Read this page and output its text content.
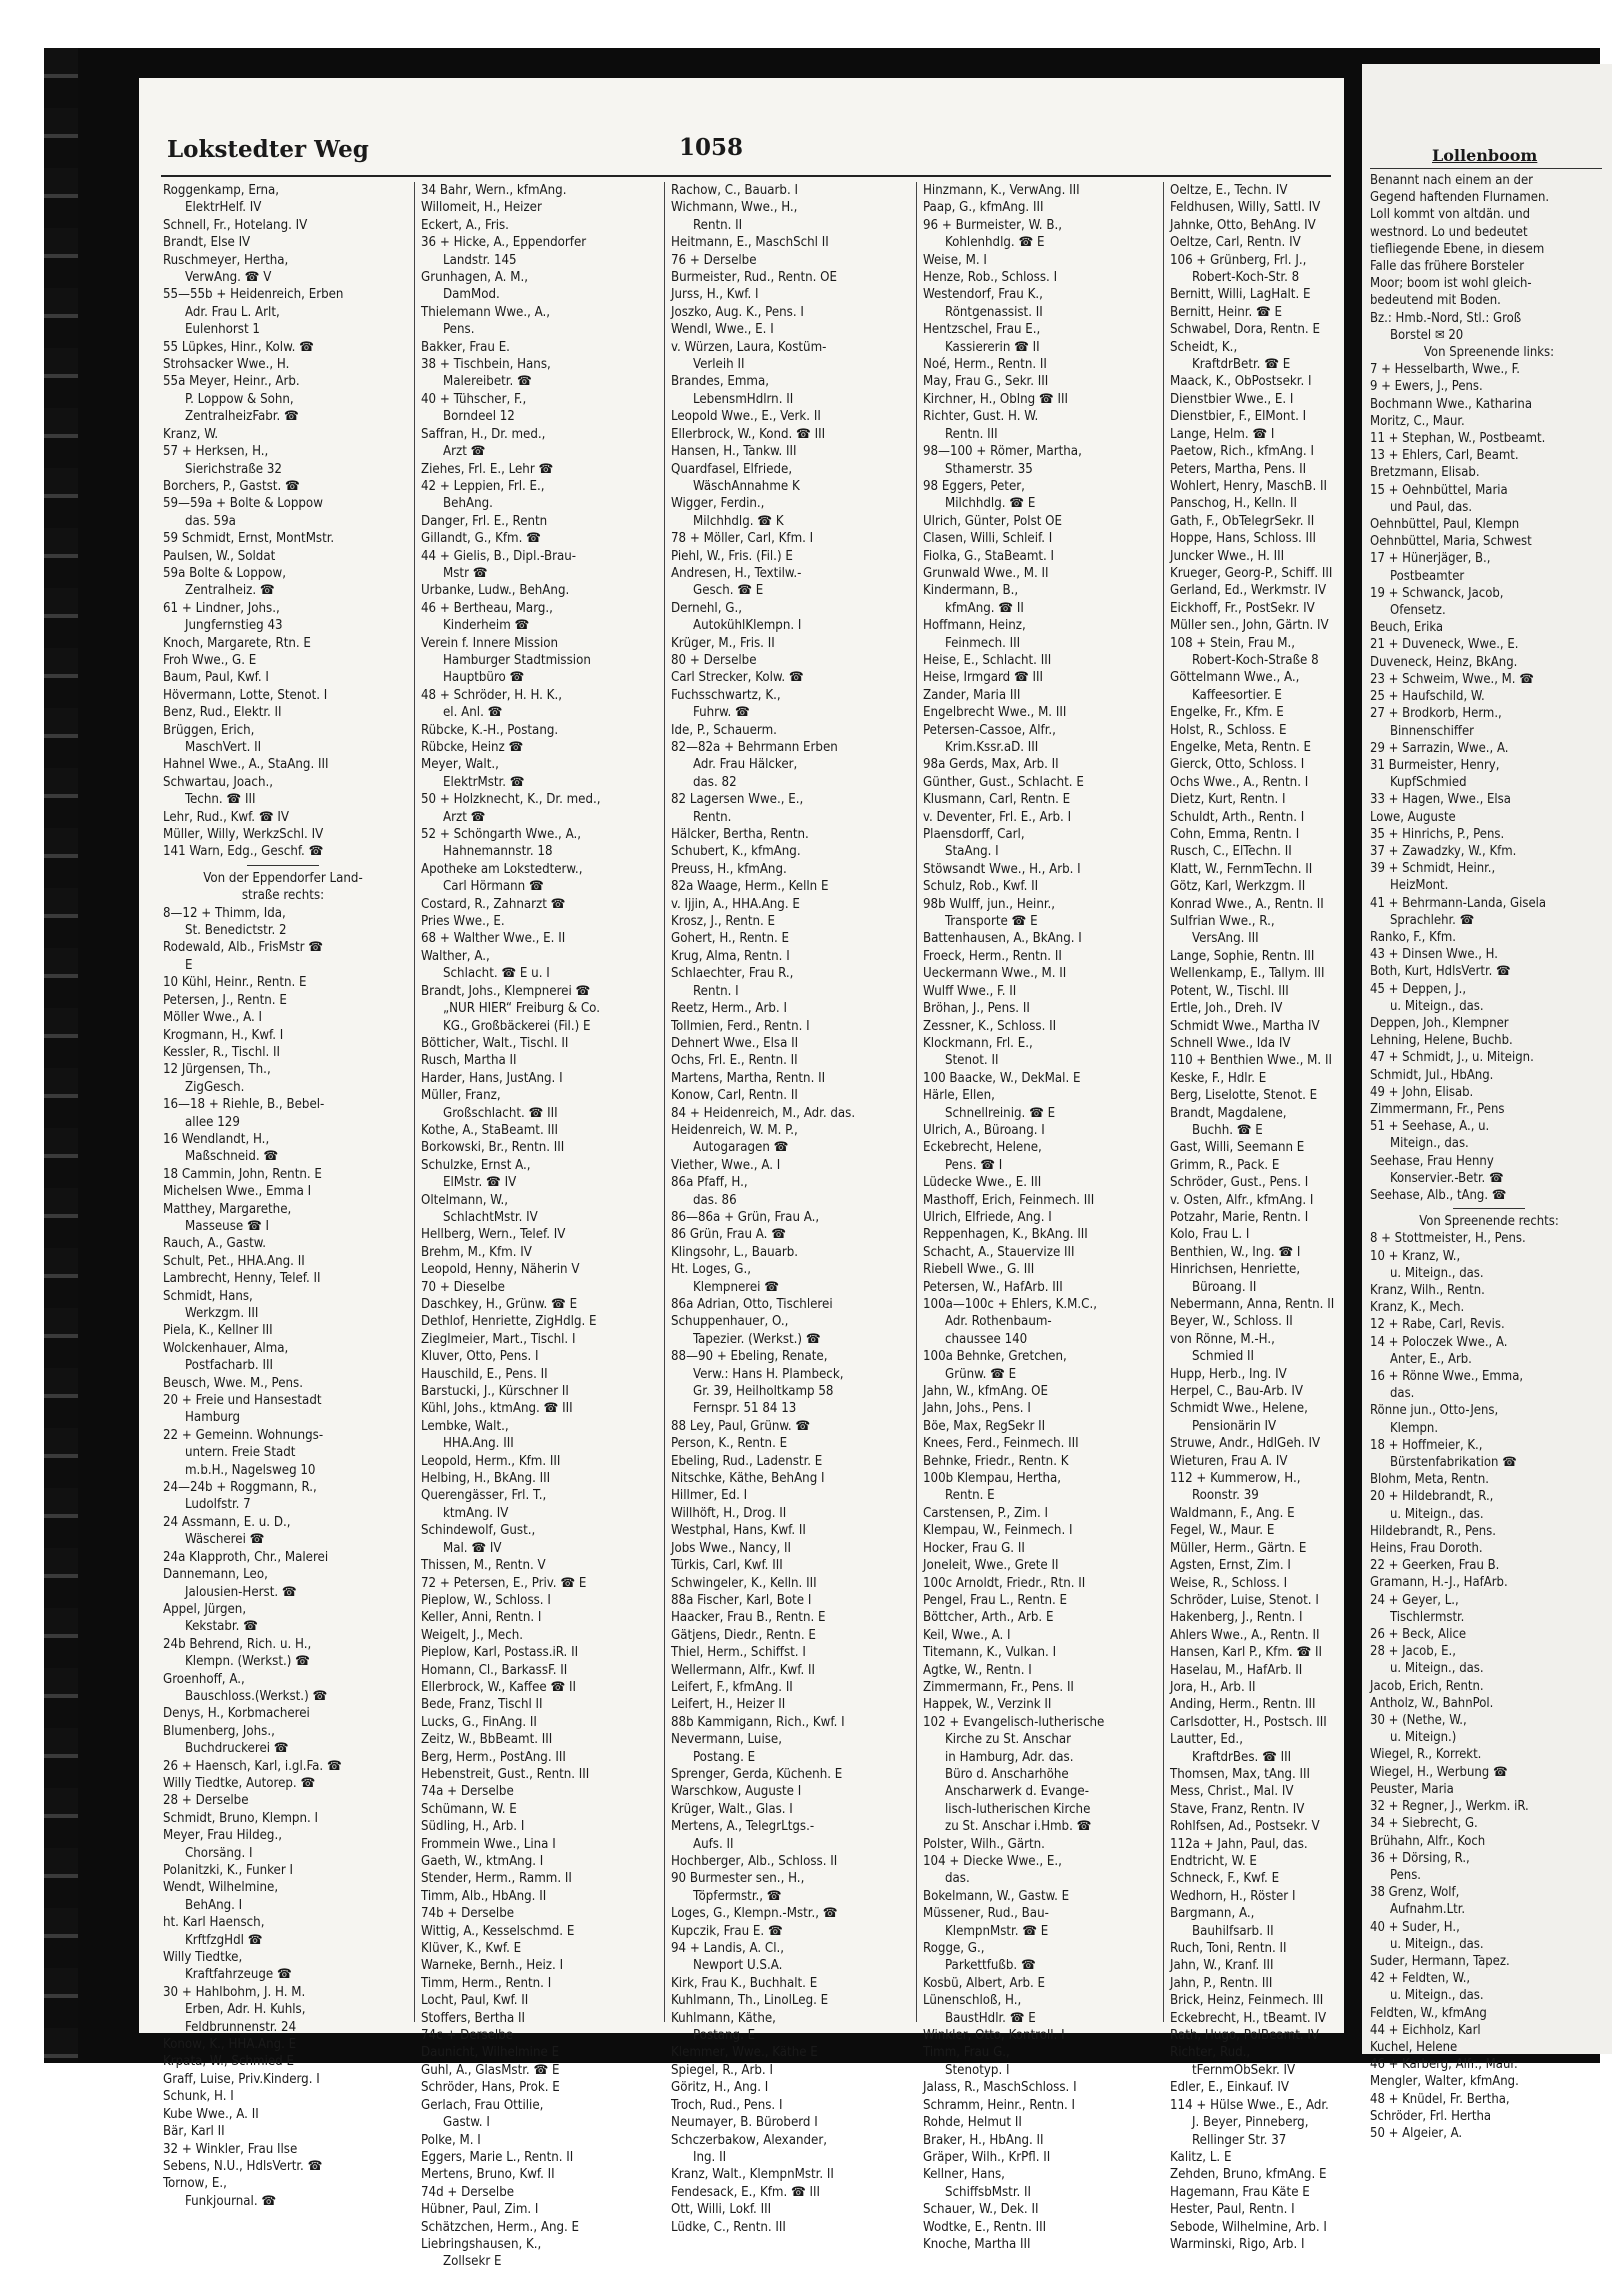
Lokstedter Weg	1058
Roggenkamp, Erna,
ElektrHelf. IV
Schnell, Fr., Hotelang. IV
Brandt, Else IV
Ruschmeyer, Hertha,
VerwAng. ☎ V
55—55b + Heidenreich, Erben
Adr. Frau L. Arlt,
Eulenhorst 1
55 Lüpkes, Hinr., Kolw. ☎
Strohsacker Wwe., H.
55a Meyer, Heinr., Arb.
P. Loppow & Sohn,
ZentralheizFabr. ☎
Kranz, W.
57 + Herksen, H.,
Sierichstraße 32
Borchers, P., Gastst. ☎
59—59a + Bolte & Loppow
das. 59a
59 Schmidt, Ernst, MontMstr.
Paulsen, W., Soldat
59a Bolte & Loppow,
Zentralheiz. ☎
61 + Lindner, Johs.,
Jungfernstieg 43
Knoch, Margarete, Rtn. E
Froh Wwe., G. E
Baum, Paul, Kwf. I
Hövermann, Lotte, Stenot. I
Benz, Rud., Elektr. II
Brüggen, Erich,
MaschVert. II
Hahnel Wwe., A., StaAng. III
Schwartau, Joach.,
Techn. ☎ III
Lehr, Rud., Kwf. ☎ IV
Müller, Willy, WerkzSchl. IV
141 Warn, Edg., Geschf. ☎
Von der Eppendorfer Land-
straße rechts:
8—12 + Thimm, Ida,
St. Benedictstr. 2
Rodewald, Alb., FrisMstr ☎
E
10 Kühl, Heinr., Rentn. E
Petersen, J., Rentn. E
Möller Wwe., A. I
Krogmann, H., Kwf. I
Kessler, R., Tischl. II
12 Jürgensen, Th.,
ZigGesch.
16—18 + Riehle, B., Bebel-
allee 129
16 Wendlandt, H.,
Maßschneid. ☎
18 Cammin, John, Rentn. E
Michelsen Wwe., Emma I
Matthey, Margarethe,
Masseuse ☎ I
Rauch, A., Gastw.
Schult, Pet., HHA.Ang. II
Lambrecht, Henny, Telef. II
Schmidt, Hans,
Werkzgm. III
Piela, K., Kellner III
Wolckenhauer, Alma,
Postfacharb. III
Beusch, Wwe. M., Pens.
20 + Freie und Hansestadt
Hamburg
22 + Gemeinn. Wohnungs-
untern. Freie Stadt
m.b.H., Nagelsweg 10
24—24b + Roggmann, R.,
Ludolfstr. 7
24 Assmann, E. u. D.,
Wäscherei ☎
24a Klapproth, Chr., Malerei
Dannemann, Leo,
Jalousien-Herst. ☎
Appel, Jürgen,
Kekstabr. ☎
24b Behrend, Rich. u. H.,
Klempn. (Werkst.) ☎
Groenhoff, A.,
Bauschloss.(Werkst.) ☎
Denys, H., Korbmacherei
Blumenberg, Johs.,
Buchdruckerei ☎
26 + Haensch, Karl, i.gl.Fa. ☎
Willy Tiedtke, Autorep. ☎
28 + Derselbe
Schmidt, Bruno, Klempn. I
Meyer, Frau Hildeg.,
Chorsäng. I
Polanitzki, K., Funker I
Wendt, Wilhelmine,
BehAng. I
ht. Karl Haensch,
KrftfzgHdl ☎
Willy Tiedtke,
Kraftfahrzeuge ☎
30 + Hahlbohm, J. H. M.
Erben, Adr. H. Kuhls,
Feldbrunnenstr. 24
Konow, K., HHA.Ang. E
Krpata, W., Schmied E
Graff, Luise, Priv.Kinderg. I
Schunk, H. I
Kube Wwe., A. II
Bär, Karl II
32 + Winkler, Frau Ilse
Sebens, N.U., HdlsVertr. ☎
Tornow, E.,
Funkjournal. ☎
34 Bahr, Wern., kfmAng.
Willomeit, H., Heizer
Eckert, A., Fris.
36 + Hicke, A., Eppendorfer
Landstr. 145
Grunhagen, A. M.,
DamMod.
Thielemann Wwe., A.,
Pens.
Bakker, Frau E.
38 + Tischbein, Hans,
Malereibetr. ☎
40 + Tühscher, F.,
Borndeel 12
Saffran, H., Dr. med.,
Arzt ☎
Ziehes, Frl. E., Lehr ☎
42 + Leppien, Frl. E.,
BehAng.
Danger, Frl. E., Rentn
Gillandt, G., Kfm. ☎
44 + Gielis, B., Dipl.-Brau-
Mstr ☎
Urbanke, Ludw., BehAng.
46 + Bertheau, Marg.,
Kinderheim ☎
Verein f. Innere Mission
Hamburger Stadtmission
Hauptbüro ☎
48 + Schröder, H. H. K.,
el. Anl. ☎
Rübcke, K.-H., Postang.
Rübcke, Heinz ☎
Meyer, Walt.,
ElektrMstr. ☎
50 + Holzknecht, K., Dr. med.,
Arzt ☎
52 + Schöngarth Wwe., A.,
Hahnemannstr. 18
Apotheke am Lokstedterw.,
Carl Hörmann ☎
Costard, R., Zahnarzt ☎
Pries Wwe., E.
68 + Walther Wwe., E. II
Walther, A.,
Schlacht. ☎ E u. I
Brandt, Johs., Klempnerei ☎
„NUR HIER“ Freiburg & Co.
KG., Großbäckerei (Fil.) E
Bötticher, Walt., Tischl. II
Rusch, Martha II
Harder, Hans, JustAng. I
Müller, Franz,
Großschlacht. ☎ III
Kothe, A., StaBeamt. III
Borkowski, Br., Rentn. III
Schulzke, Ernst A.,
ElMstr. ☎ IV
Oltelmann, W.,
SchlachtMstr. IV
Hellberg, Wern., Telef. IV
Brehm, M., Kfm. IV
Leopold, Henny, Näherin V
70 + Dieselbe
Daschkey, H., Grünw. ☎ E
Dethlof, Henriette, ZigHdlg. E
Zieglmeier, Mart., Tischl. I
Kluver, Otto, Pens. I
Hauschild, E., Pens. II
Barstucki, J., Kürschner II
Kühl, Johs., ktmAng. ☎ III
Lembke, Walt.,
HHA.Ang. III
Leopold, Herm., Kfm. III
Helbing, H., BkAng. III
Querengässer, Frl. T.,
ktmAng. IV
Schindewolf, Gust.,
Mal. ☎ IV
Thissen, M., Rentn. V
72 + Petersen, E., Priv. ☎ E
Pieplow, W., Schloss. I
Keller, Anni, Rentn. I
Weigelt, J., Mech.
Pieplow, Karl, Postass.iR. II
Homann, Cl., BarkassF. II
Ellerbrock, W., Kaffee ☎ II
Bede, Franz, Tischl II
Lucks, G., FinAng. II
Zeitz, W., BbBeamt. III
Berg, Herm., PostAng. III
Hebenstreit, Gust., Rentn. III
74a + Derselbe
Schümann, W. E
Südling, H., Arb. I
Frommein Wwe., Lina I
Gaeth, W., ktmAng. I
Stender, Herm., Ramm. II
Timm, Alb., HbAng. II
74b + Derselbe
Wittig, A., Kesselschmd. E
Klüver, K., Kwf. E
Warneke, Bernh., Heiz. I
Timm, Herm., Rentn. I
Locht, Paul, Kwf. II
Stoffers, Bertha II
74c + Derselbe
Daunicht, Wilhelmine E
Guhl, A., GlasMstr. ☎ E
Schröder, Hans, Prok. E
Gerlach, Frau Ottilie,
Gastw. I
Polke, M. I
Eggers, Marie L., Rentn. II
Mertens, Bruno, Kwf. II
74d + Derselbe
Hübner, Paul, Zim. I
Schätzchen, Herm., Ang. E
Liebringshausen, K.,
Zollsekr E
Rachow, C., Bauarb. I
Wichmann, Wwe., H.,
Rentn. II
Heitmann, E., MaschSchl II
76 + Derselbe
Burmeister, Rud., Rentn. OE
Jurss, H., Kwf. I
Joszko, Aug. K., Pens. I
Wendl, Wwe., E. I
v. Würzen, Laura, Kostüm-
Verleih II
Brandes, Emma,
LebensmHdlrn. II
Leopold Wwe., E., Verk. II
Ellerbrock, W., Kond. ☎ III
Hansen, H., Tankw. III
Quardfasel, Elfriede,
WäschAnnahme K
Wigger, Ferdin.,
Milchhdlg. ☎ K
78 + Möller, Carl, Kfm. I
Piehl, W., Fris. (Fil.) E
Andresen, H., Textilw.-
Gesch. ☎ E
Dernehl, G.,
AutokühlKlempn. I
Krüger, M., Fris. II
80 + Derselbe
Carl Strecker, Kolw. ☎
Fuchsschwartz, K.,
Fuhrw. ☎
Ide, P., Schauerm.
82—82a + Behrmann Erben
Adr. Frau Hälcker,
das. 82
82 Lagersen Wwe., E.,
Rentn.
Hälcker, Bertha, Rentn.
Schubert, K., kfmAng.
Preuss, H., kfmAng.
82a Waage, Herm., Kelln E
v. Ijjin, A., HHA.Ang. E
Krosz, J., Rentn. E
Gohert, H., Rentn. E
Krug, Alma, Rentn. I
Schlaechter, Frau R.,
Rentn. I
Reetz, Herm., Arb. I
Tollmien, Ferd., Rentn. I
Dehnert Wwe., Elsa II
Ochs, Frl. E., Rentn. II
Martens, Martha, Rentn. II
Konow, Carl, Rentn. II
84 + Heidenreich, M., Adr. das.
Heidenreich, W. M. P.,
Autogaragen ☎
Viether, Wwe., A. I
86a Pfaff, H.,
das. 86
86—86a + Grün, Frau A.,
86 Grün, Frau A. ☎
Klingsohr, L., Bauarb.
Ht. Loges, G.,
Klempnerei ☎
86a Adrian, Otto, Tischlerei
Schuppenhauer, O.,
Tapezier. (Werkst.) ☎
88—90 + Ebeling, Renate,
Verw.: Hans H. Plambeck,
Gr. 39, Heilholtkamp 58
Fernspr. 51 84 13
88 Ley, Paul, Grünw. ☎
Person, K., Rentn. E
Ebeling, Rud., Ladenstr. E
Nitschke, Käthe, BehAng I
Hillmer, Ed. I
Willhöft, H., Drog. II
Westphal, Hans, Kwf. II
Jobs Wwe., Nancy, II
Türkis, Carl, Kwf. III
Schwingeler, K., Kelln. III
88a Fischer, Karl, Bote I
Haacker, Frau B., Rentn. E
Gätjens, Diedr., Rentn. E
Thiel, Herm., Schiffst. I
Wellermann, Alfr., Kwf. II
Leifert, F., kfmAng. II
Leifert, H., Heizer II
88b Kammigann, Rich., Kwf. I
Nevermann, Luise,
Postang. E
Sprenger, Gerda, Küchenh. E
Warschkow, Auguste I
Krüger, Walt., Glas. I
Mertens, A., TelegrLtgs.-
Aufs. II
Hochberger, Alb., Schloss. II
90 Burmester sen., H.,
Töpfermstr., ☎
Loges, G., Klempn.-Mstr., ☎
Kupczik, Frau E. ☎
94 + Landis, A. Cl.,
Newport U.S.A.
Kirk, Frau K., Buchhalt. E
Kuhlmann, Th., LinolLeg. E
Kuhlmann, Käthe,
Postang. E
Klemmer, Wwe., Käthe E
Spiegel, R., Arb. I
Göritz, H., Ang. I
Troch, Rud., Pens. I
Neumayer, B. Büroberd I
Schczerbakow, Alexander,
Ing. II
Kranz, Walt., KlempnMstr. II
Fendesack, E., Kfm. ☎ III
Ott, Willi, Lokf. III
Lüdke, C., Rentn. III
Hinzmann, K., VerwAng. III
Paap, G., kfmAng. III
96 + Burmeister, W. B.,
Kohlenhdlg. ☎ E
Weise, M. I
Henze, Rob., Schloss. I
Westendorf, Frau K.,
Röntgenassist. II
Hentzschel, Frau E.,
Kassiererin ☎ II
Noé, Herm., Rentn. II
May, Frau G., Sekr. III
Kirchner, H., Oblng ☎ III
Richter, Gust. H. W.
Rentn. III
98—100 + Römer, Martha,
Sthamerstr. 35
98 Eggers, Peter,
Milchhdlg. ☎ E
Ulrich, Günter, Polst OE
Clasen, Willi, Schleif. I
Fiolka, G., StaBeamt. I
Grunwald Wwe., M. II
Kindermann, B.,
kfmAng. ☎ II
Hoffmann, Heinz,
Feinmech. III
Heise, E., Schlacht. III
Heise, Irmgard ☎ III
Zander, Maria III
Engelbrecht Wwe., M. III
Petersen-Cassoe, Alfr.,
Krim.Kssr.aD. III
98a Gerds, Max, Arb. II
Günther, Gust., Schlacht. E
Klusmann, Carl, Rentn. E
v. Deventer, Frl. E., Arb. I
Plaensdorff, Carl,
StaAng. I
Stöwsandt Wwe., H., Arb. I
Schulz, Rob., Kwf. II
98b Wulff, jun., Heinr.,
Transporte ☎ E
Battenhausen, A., BkAng. I
Froeck, Herm., Rentn. II
Ueckermann Wwe., M. II
Wulff Wwe., F. II
Bröhan, J., Pens. II
Zessner, K., Schloss. II
Klockmann, Frl. E.,
Stenot. II
100 Baacke, W., DekMal. E
Härle, Ellen,
Schnellreinig. ☎ E
Ulrich, A., Büroang. I
Eckebrecht, Helene,
Pens. ☎ I
Lüdecke Wwe., E. III
Masthoff, Erich, Feinmech. III
Ulrich, Elfriede, Ang. I
Reppenhagen, K., BkAng. III
Schacht, A., Stauervize III
Riebell Wwe., G. III
Petersen, W., HafArb. III
100a—100c + Ehlers, K.M.C.,
Adr. Rothenbaum-
chaussee 140
100a Behnke, Gretchen,
Grünw. ☎ E
Jahn, W., kfmAng. OE
Jahn, Johs., Pens. I
Böe, Max, RegSekr II
Knees, Ferd., Feinmech. III
Behnke, Friedr., Rentn. K
100b Klempau, Hertha,
Rentn. E
Carstensen, P., Zim. I
Klempau, W., Feinmech. I
Hocker, Frau G. II
Joneleit, Wwe., Grete II
100c Arnoldt, Friedr., Rtn. II
Pengel, Frau L., Rentn. E
Böttcher, Arth., Arb. E
Keil, Wwe., A. I
Titemann, K., Vulkan. I
Agtke, W., Rentn. I
Zimmermann, Fr., Pens. II
Happek, W., Verzink II
102 + Evangelisch-lutherische
Kirche zu St. Anschar
in Hamburg, Adr. das.
Büro d. Anscharhöhe
Anscharwerk d. Evange-
lisch-lutherischen Kirche
zu St. Anschar i.Hmb. ☎
Polster, Wilh., Gärtn.
104 + Diecke Wwe., E.,
das.
Bokelmann, W., Gastw. E
Müssener, Rud., Bau-
KlempnMstr. ☎ E
Rogge, G.,
Parkettfußb. ☎
Kosbü, Albert, Arb. E
Lünenschloß, H.,
BaustHdlr. ☎ E
Winkler, Otto, Kontroll. I
Timm, Frau G.,
Stenotyp. I
Jalass, R., MaschSchloss. I
Schramm, Heinr., Rentn. I
Rohde, Helmut II
Braker, H., HbAng. II
Gräper, Wilh., KrPfl. II
Kellner, Hans,
SchiffsbMstr. II
Schauer, W., Dek. II
Wodtke, E., Rentn. III
Knoche, Martha III
Oeltze, E., Techn. IV
Feldhusen, Willy, Sattl. IV
Jahnke, Otto, BehAng. IV
Oeltze, Carl, Rentn. IV
106 + Grünberg, Frl. J.,
Robert-Koch-Str. 8
Bernitt, Willi, LagHalt. E
Bernitt, Heinr. ☎ E
Schwabel, Dora, Rentn. E
Scheidt, K.,
KraftdrBetr. ☎ E
Maack, K., ObPostsekr. I
Dienstbier Wwe., E. I
Dienstbier, F., ElMont. I
Lange, Helm. ☎ I
Paetow, Rich., kfmAng. I
Peters, Martha, Pens. II
Wohlert, Henry, MaschB. II
Panschog, H., Kelln. II
Gath, F., ObTelegrSekr. II
Hoppe, Hans, Schloss. III
Juncker Wwe., H. III
Krueger, Georg-P., Schiff. III
Gerland, Ed., Werkmstr. IV
Eickhoff, Fr., PostSekr. IV
Müller sen., John, Gärtn. IV
108 + Stein, Frau M.,
Robert-Koch-Straße 8
Göttelmann Wwe., A.,
Kaffeesortier. E
Engelke, Fr., Kfm. E
Holst, R., Schloss. E
Engelke, Meta, Rentn. E
Gierck, Otto, Schloss. I
Ochs Wwe., A., Rentn. I
Dietz, Kurt, Rentn. I
Schuldt, Arth., Rentn. I
Cohn, Emma, Rentn. I
Rusch, C., ElTechn. II
Klatt, W., FernmTechn. II
Götz, Karl, Werkzgm. II
Konrad Wwe., A., Rentn. II
Sulfrian Wwe., R.,
VersAng. III
Lange, Sophie, Rentn. III
Wellenkamp, E., Tallym. III
Potent, W., Tischl. III
Ertle, Joh., Dreh. IV
Schmidt Wwe., Martha IV
Schnell Wwe., Ida IV
110 + Benthien Wwe., M. II
Keske, F., Hdlr. E
Berg, Liselotte, Stenot. E
Brandt, Magdalene,
Buchh. ☎ E
Gast, Willi, Seemann E
Grimm, R., Pack. E
Schröder, Gust., Pens. I
v. Osten, Alfr., kfmAng. I
Potzahr, Marie, Rentn. I
Kolo, Frau L. I
Benthien, W., Ing. ☎ I
Hinrichsen, Henriette,
Büroang. II
Nebermann, Anna, Rentn. II
Beyer, W., Schloss. II
von Rönne, M.-H.,
Schmied II
Hupp, Herb., Ing. IV
Herpel, C., Bau-Arb. IV
Schmidt Wwe., Helene,
Pensionärin IV
Struwe, Andr., HdlGeh. IV
Wieturen, Frau A. IV
112 + Kummerow, H.,
Roonstr. 39
Waldmann, F., Ang. E
Fegel, W., Maur. E
Müller, Herm., Gärtn. E
Agsten, Ernst, Zim. I
Weise, R., Schloss. I
Schröder, Luise, Stenot. I
Hakenberg, J., Rentn. I
Ahlers Wwe., A., Rentn. II
Hansen, Karl P., Kfm. ☎ II
Haselau, M., HafArb. II
Jora, H., Arb. II
Anding, Herm., Rentn. III
Carlsdotter, H., Postsch. III
Lautter, Ed.,
KraftdrBes. ☎ III
Thomsen, Max, tAng. III
Mess, Christ., Mal. IV
Stave, Franz, Rentn. IV
Rohlfsen, Ad., Postsekr. V
112a + Jahn, Paul, das.
Endtricht, W. E
Schneck, F., Kwf. E
Wedhorn, H., Röster I
Bargmann, A.,
Bauhilfsarb. II
Ruch, Toni, Rentn. II
Jahn, W., Kranf. III
Jahn, P., Rentn. III
Brick, Heinz, Feinmech. III
Eckebrecht, H., tBeamt. IV
Rath, Hugo, PolBeamt. IV
Richter, Rud.,
tFernmObSekr. IV
Edler, E., Einkauf. IV
114 + Hülse Wwe., E., Adr.
J. Beyer, Pinneberg,
Rellinger Str. 37
Kalitz, L. E
Zehden, Bruno, kfmAng. E
Hagemann, Frau Käte E
Hester, Paul, Rentn. I
Sebode, Wilhelmine, Arb. I
Warminski, Rigo, Arb. I
Lollenboom
Benannt nach einem an der
Gegend haftenden Flurnamen.
Loll kommt von altdän. und
westnord. Lo und bedeutet
tiefliegende Ebene, in diesem
Falle das frühere Borsteler
Moor; boom ist wohl gleich-
bedeutend mit Boden.
Bz.: Hmb.-Nord, Stl.: Groß
Borstel ✉ 20
Von Spreenende links:
7 + Hesselbarth, Wwe., F.
9 + Ewers, J., Pens.
Bochmann Wwe., Katharina
Moritz, C., Maur.
11 + Stephan, W., Postbeamt.
13 + Ehlers, Carl, Beamt.
Bretzmann, Elisab.
15 + Oehnbüttel, Maria
und Paul, das.
Oehnbüttel, Paul, Klempn
Oehnbüttel, Maria, Schwest
17 + Hünerjäger, B.,
Postbeamter
19 + Schwanck, Jacob,
Ofensetz.
Beuch, Erika
21 + Duveneck, Wwe., E.
Duveneck, Heinz, BkAng.
23 + Schweim, Wwe., M. ☎
25 + Haufschild, W.
27 + Brodkorb, Herm.,
Binnenschiffer
29 + Sarrazin, Wwe., A.
31 Burmeister, Henry,
KupfSchmied
33 + Hagen, Wwe., Elsa
Lowe, Auguste
35 + Hinrichs, P., Pens.
37 + Zawadzky, W., Kfm.
39 + Schmidt, Heinr.,
HeizMont.
41 + Behrmann-Landa, Gisela
Sprachlehr. ☎
Ranko, F., Kfm.
43 + Dinsen Wwe., H.
Both, Kurt, HdlsVertr. ☎
45 + Deppen, J.,
u. Miteign., das.
Deppen, Joh., Klempner
Lehning, Helene, Buchb.
47 + Schmidt, J., u. Miteign.
Schmidt, Jul., HbAng.
49 + John, Elisab.
Zimmermann, Fr., Pens
51 + Seehase, A., u.
Miteign., das.
Seehase, Frau Henny
Konservier.-Betr. ☎
Seehase, Alb., tAng. ☎
Von Spreenende rechts:
8 + Stottmeister, H., Pens.
10 + Kranz, W.,
u. Miteign., das.
Kranz, Wilh., Rentn.
Kranz, K., Mech.
12 + Rabe, Carl, Revis.
14 + Poloczek Wwe., A.
Anter, E., Arb.
16 + Rönne Wwe., Emma,
das.
Rönne jun., Otto-Jens,
Klempn.
18 + Hoffmeier, K.,
Bürstenfabrikation ☎
Blohm, Meta, Rentn.
20 + Hildebrandt, R.,
u. Miteign., das.
Hildebrandt, R., Pens.
Heins, Frau Doroth.
22 + Geerken, Frau B.
Gramann, H.-J., HafArb.
24 + Geyer, L.,
Tischlermstr.
26 + Beck, Alice
28 + Jacob, E.,
u. Miteign., das.
Jacob, Erich, Rentn.
Antholz, W., BahnPol.
30 + (Nethe, W.,
u. Miteign.)
Wiegel, R., Korrekt.
Wiegel, H., Werbung ☎
Peuster, Maria
32 + Regner, J., Werkm. iR.
34 + Siebrecht, G.
Brühahn, Alfr., Koch
36 + Dörsing, R.,
Pens.
38 Grenz, Wolf,
Aufnahm.Ltr.
40 + Suder, H.,
u. Miteign., das.
Suder, Hermann, Tapez.
42 + Feldten, W.,
u. Miteign., das.
Feldten, W., kfmAng
44 + Eichholz, Karl
Kuchel, Helene
46 + Karberg, Alfr., Maur.
Mengler, Walter, kfmAng.
48 + Knüdel, Fr. Bertha,
Schröder, Frl. Hertha
50 + Algeier, A.
